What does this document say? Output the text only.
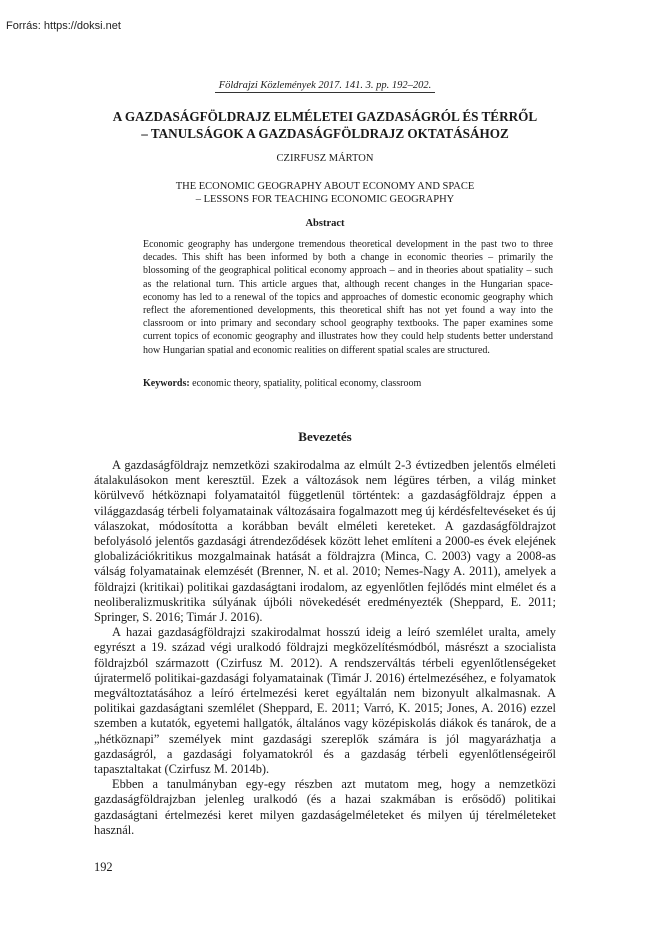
Forrás: https://doksi.net
Földrajzi Közlemények 2017. 141. 3. pp. 192–202.
A GAZDASÁGFÖLDRAJZ ELMÉLETEI GAZDASÁGRÓL ÉS TÉRRŐL
– TANULSÁGOK A GAZDASÁGFÖLDRAJZ OKTATÁSÁHOZ
CZIRFUSZ MÁRTON
THE ECONOMIC GEOGRAPHY ABOUT ECONOMY AND SPACE
– LESSONS FOR TEACHING ECONOMIC GEOGRAPHY
Abstract

Economic geography has undergone tremendous theoretical development in the past two to three decades. This shift has been informed by both a change in economic theories – primarily the blossoming of the geographical political economy approach – and in theories about spatiality – such as the relational turn. This article argues that, although recent changes in the Hungarian space-economy has led to a renewal of the topics and approaches of domestic economic geography which reflect the aforementioned developments, this theoretical shift has not yet found a way into the classroom or into primary and secondary school geography textbooks. The paper examines some current topics of economic geography and illustrates how they could help students better understand how Hungarian spatial and economic realities on different spatial scales are structured.

Keywords: economic theory, spatiality, political economy, classroom
Bevezetés

A gazdaságföldrajz nemzetközi szakirodalma az elmúlt 2-3 évtizedben jelentős elméleti átalakulásokon ment keresztül. Ezek a változások nem légüres térben, a világ minket körülvevő hétköznapi folyamataitól függetlenül történtek: a gazdaságföldrajz éppen a világgazdaság térbeli folyamatainak változásaira fogalmazott meg új kérdésfeltevéseket és új válaszokat, módosította a korábban bevált elméleti kereteket. A gazdaságföldrajzot befolyásoló jelentős gazdasági átrendeződések között lehet említeni a 2000-es évek elejének globalizációkritikus mozgalmainak hatását a földrajzra (Minca, C. 2003) vagy a 2008-as válság folyamatainak elemzését (Brenner, N. et al. 2010; Nemes-Nagy A. 2011), amelyek a földrajzi (kritikai) politikai gazdaságtani irodalom, az egyenlőtlen fejlődés mint elmélet és a neoliberalizmuskritika súlyának újbóli növekedését eredményezték (Sheppard, E. 2011; Springer, S. 2016; Timár J. 2016).

A hazai gazdaságföldrajzi szakirodalmat hosszú ideig a leíró szemlélet uralta, amely egyrészt a 19. század végi uralkodó földrajzi megközelítésmódból, másrészt a szocialista földrajzból származott (Czirfusz M. 2012). A rendszerváltás térbeli egyenlőtlenségeket újratermelő politikai-gazdasági folyamatainak (Timár J. 2016) értelmezéséhez, e folyamatok megváltoztatásához a leíró értelmezési keret egyáltalán nem bizonyult alkalmasnak. A politikai gazdaságtani szemlélet (Sheppard, E. 2011; Varró, K. 2015; Jones, A. 2016) ezzel szemben a kutatók, egyetemi hallgatók, általános vagy középiskolás diákok és tanárok, de a „hétköznapi” személyek mint gazdasági szereplők számára is jól magyarázhatja a gazdaságról, a gazdasági folyamatokról és a gazdaság térbeli egyenlőtlenségeiről tapasztaltakat (Czirfusz M. 2014b).

Ebben a tanulmányban egy-egy részben azt mutatom meg, hogy a nemzetközi gazdaságföldrajzban jelenleg uralkodó (és a hazai szakmában is erősödő) politikai gazdaságtani értelmezési keret milyen gazdaságelméleteket és milyen új térelméleteket használ.

192
